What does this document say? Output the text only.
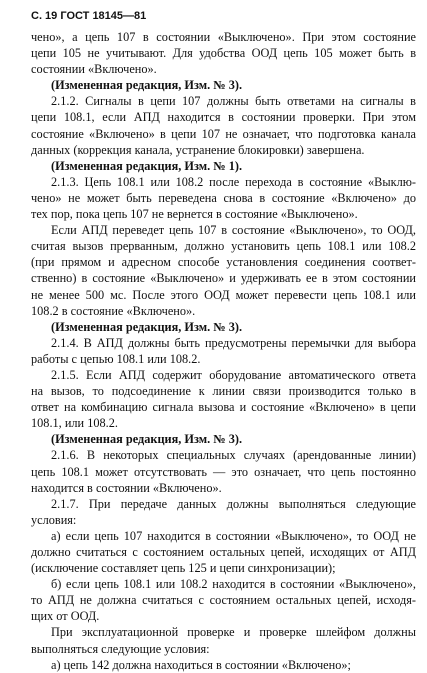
С. 19 ГОСТ 18145—81
чено», а цепь 107 в состоянии «Выключено». При этом состояние
цепи 105 не учитывают. Для удобства ООД цепь 105 может быть в
состоянии «Включено».
(Измененная редакция, Изм. № 3).
2.1.2. Сигналы в цепи 107 должны быть ответами на сигналы в
цепи 108.1, если АПД находится в состоянии проверки. При этом
состояние «Включено» в цепи 107 не означает, что подготовка канала
данных (коррекция канала, устранение блокировки) завершена.
(Измененная редакция, Изм. № 1).
2.1.3. Цепь 108.1 или 108.2 после перехода в состояние «Выклю-
чено» не может быть переведена снова в состояние «Включено» до
тех пор, пока цепь 107 не вернется в состояние «Выключено».
Если АПД переведет цепь 107 в состояние «Выключено», то ООД,
считая вызов прерванным, должно установить цепь 108.1 или 108.2
(при прямом и адресном способе установления соединения соответ-
ственно) в состояние «Выключено» и удерживать ее в этом состоянии
не менее 500 мс. После этого ООД может перевести цепь 108.1 или
108.2 в состояние «Включено».
(Измененная редакция, Изм. № 3).
2.1.4. В АПД должны быть предусмотрены перемычки для выбора
работы с цепью 108.1 или 108.2.
2.1.5. Если АПД содержит оборудование автоматического ответа
на вызов, то подсоединение к линии связи производится только в
ответ на комбинацию сигнала вызова и состояние «Включено» в цепи
108.1, или 108.2.
(Измененная редакция, Изм. № 3).
2.1.6. В некоторых специальных случаях (арендованные линии)
цепь 108.1 может отсутствовать — это означает, что цепь постоянно
находится в состоянии «Включено».
2.1.7. При передаче данных должны выполняться следующие
условия:
а) если цепь 107 находится в состоянии «Выключено», то ООД не
должно считаться с состоянием остальных цепей, исходящих от АПД
(исключение составляет цепь 125 и цепи синхронизации);
б) если цепь 108.1 или 108.2 находится в состоянии «Выключено»,
то АПД не должна считаться с состоянием остальных цепей, исходя-
щих от ООД.
При эксплуатационной проверке и проверке шлейфом должны
выполняться следующие условия:
а) цепь 142 должна находиться в состоянии «Включено»;
